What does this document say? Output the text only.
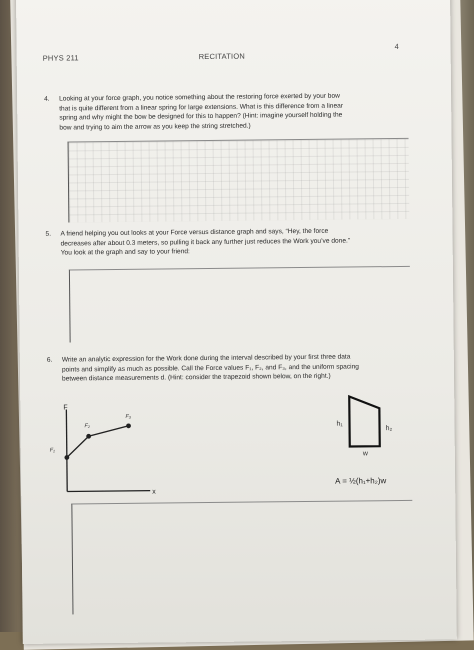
PHYS 211	RECITATION
4
4. Looking at your force graph, you notice something about the restoring force exerted by your bow
that is quite different from a linear spring for large extensions. What is this difference from a linear
spring and why might the bow be designed for this to happen? (Hint: imagine yourself holding the
bow and trying to aim the arrow as you keep the string stretched.)
5. A friend helping you out looks at your Force versus distance graph and says, “Hey, the force
decreases after about 0.3 meters, so pulling it back any further just reduces the Work you’ve done.”
You look at the graph and say to your friend:
6. Write an analytic expression for the Work done during the interval described by your first three data
points and simplify as much as possible. Call the Force values F₁, F₂, and F₃, and the uniform spacing
between distance measurements d. (Hint: consider the trapezoid shown below, on the right.)
F
x
F₁
F₂
F₃
h₁
h₂
w
A = ½(h₁+h₂)w
